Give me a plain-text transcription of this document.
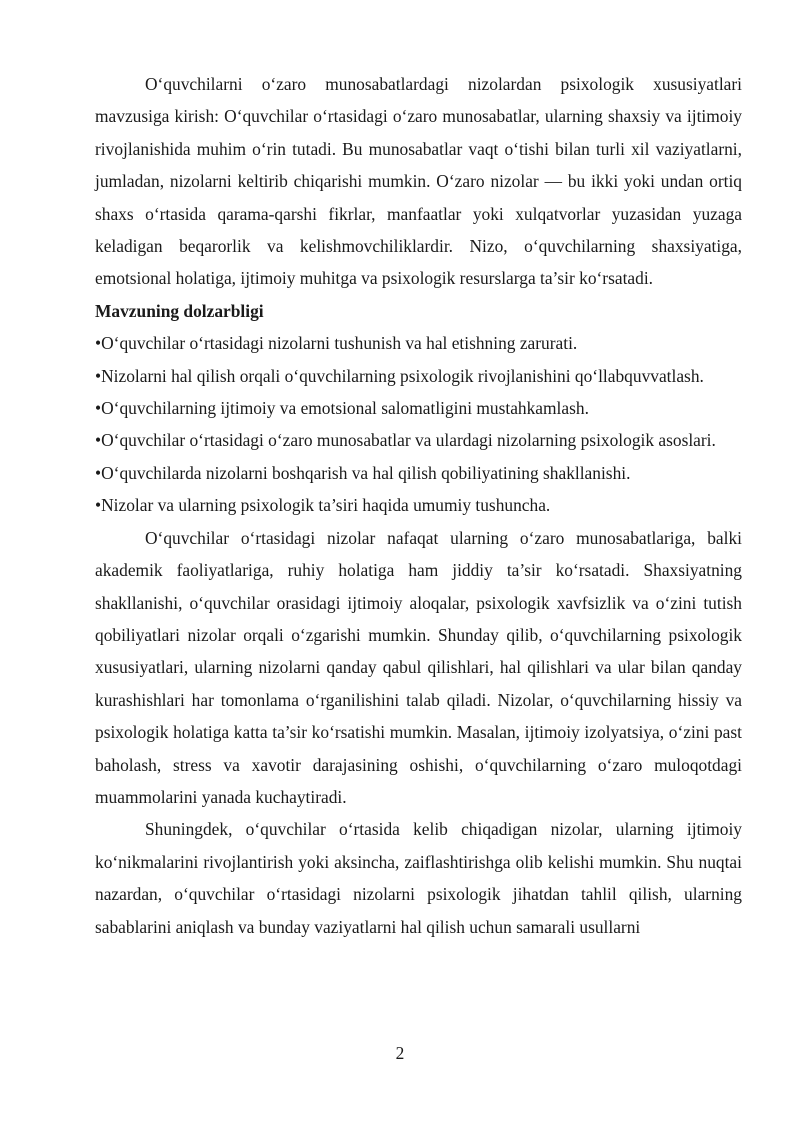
O‘quvchilarni o‘zaro munosabatlardagi nizolardan psixologik xususiyatlari mavzusiga kirish: O‘quvchilar o‘rtasidagi o‘zaro munosabatlar, ularning shaxsiy va ijtimoiy rivojlanishida muhim o‘rin tutadi. Bu munosabatlar vaqt o‘tishi bilan turli xil vaziyatlarni, jumladan, nizolarni keltirib chiqarishi mumkin. O‘zaro nizolar — bu ikki yoki undan ortiq shaxs o‘rtasida qarama-qarshi fikrlar, manfaatlar yoki xulqatvorlar yuzasidan yuzaga keladigan beqarorlik va kelishmovchiliklardir. Nizo, o‘quvchilarning shaxsiyatiga, emotsional holatiga, ijtimoiy muhitga va psixologik resurslarga ta’sir ko‘rsatadi.

Mavzuning dolzarbligi

•O‘quvchilar o‘rtasidagi nizolarni tushunish va hal etishning zarurati.

•Nizolarni hal qilish orqali o‘quvchilarning psixologik rivojlanishini qo‘llabquvvatlash.

•O‘quvchilarning ijtimoiy va emotsional salomatligini mustahkamlash.

•O‘quvchilar o‘rtasidagi o‘zaro munosabatlar va ulardagi nizolarning psixologik asoslari.

•O‘quvchilarda nizolarni boshqarish va hal qilish qobiliyatining shakllanishi.

•Nizolar va ularning psixologik ta’siri haqida umumiy tushuncha.

O‘quvchilar o‘rtasidagi nizolar nafaqat ularning o‘zaro munosabatlariga, balki akademik faoliyatlariga, ruhiy holatiga ham jiddiy ta’sir ko‘rsatadi. Shaxsiyatning shakllanishi, o‘quvchilar orasidagi ijtimoiy aloqalar, psixologik xavfsizlik va o‘zini tutish qobiliyatlari nizolar orqali o‘zgarishi mumkin. Shunday qilib, o‘quvchilarning psixologik xususiyatlari, ularning nizolarni qanday qabul qilishlari, hal qilishlari va ular bilan qanday kurashishlari har tomonlama o‘rganilishini talab qiladi. Nizolar, o‘quvchilarning hissiy va psixologik holatiga katta ta’sir ko‘rsatishi mumkin. Masalan, ijtimoiy izolyatsiya, o‘zini past baholash, stress va xavotir darajasining oshishi, o‘quvchilarning o‘zaro muloqotdagi muammolarini yanada kuchaytiradi.

Shuningdek, o‘quvchilar o‘rtasida kelib chiqadigan nizolar, ularning ijtimoiy ko‘nikmalarini rivojlantirish yoki aksincha, zaiflashtirishga olib kelishi mumkin. Shu nuqtai nazardan, o‘quvchilar o‘rtasidagi nizolarni psixologik jihatdan tahlil qilish, ularning sabablarini aniqlash va bunday vaziyatlarni hal qilish uchun samarali usullarni

2
